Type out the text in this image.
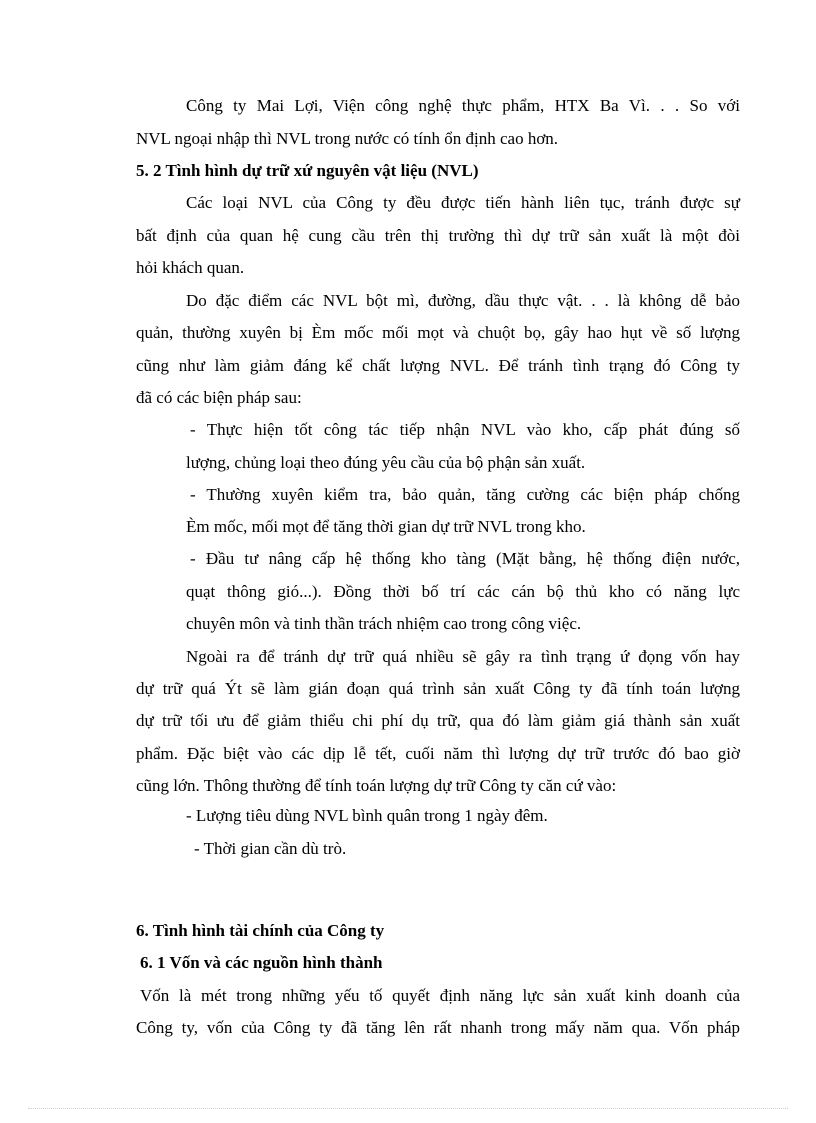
Công ty Mai Lợi, Viện công nghệ thực phẩm, HTX Ba Vì. . . So với
NVL ngoại nhập thì NVL trong nước có tính ổn định cao hơn.
5. 2 Tình hình dự trữ xứ nguyên vật liệu (NVL)
Các loại NVL của Công ty đều được tiến hành liên tục, tránh được sự
bất định của quan hệ cung cầu trên thị trường thì dự trữ sản xuất là một đòi
hỏi khách quan.
Do đặc điểm các NVL bột mì, đường, dầu thực vật. . . là không dễ bảo
quản, thường xuyên bị Èm mốc mối mọt và chuột bọ, gây hao hụt về số lượng
cũng như làm giảm đáng kể chất lượng NVL. Để tránh tình trạng đó Công ty
đã có các biện pháp sau:
- Thực hiện tốt công tác tiếp nhận NVL vào kho, cấp phát đúng số
lượng, chủng loại theo đúng yêu cầu của bộ phận sản xuất.
- Thường xuyên kiểm tra, bảo quản, tăng cường các biện pháp chống
Èm mốc, mối mọt để tăng thời gian dự trữ NVL trong kho.
- Đầu tư nâng cấp hệ thống kho tàng (Mặt bằng, hệ thống điện nước,
quạt thông gió...). Đồng thời bố trí các cán bộ thủ kho có năng lực
chuyên môn và tinh thần trách nhiệm cao trong công việc.
Ngoài ra để tránh dự trữ quá nhiều sẽ gây ra tình trạng ứ đọng vốn hay
dự trữ quá Ýt sẽ làm gián đoạn quá trình sản xuất Công ty đã tính toán lượng
dự trữ tối ưu để giảm thiểu chi phí dụ trữ, qua đó làm giảm giá thành sản xuất
phẩm. Đặc biệt vào các dịp lễ tết, cuối năm thì lượng dự trữ trước đó bao giờ
cũng lớn. Thông thường để tính toán lượng dự trữ Công ty căn cứ vào:
- Lượng tiêu dùng NVL bình quân trong 1 ngày đêm.
- Thời gian cần dù trò.
6. Tình hình tài chính của Công ty
6. 1 Vốn và các nguồn hình thành
Vốn là mét trong những yếu tố quyết định năng lực sản xuất kinh doanh của
Công ty, vốn của Công ty đã tăng lên rất nhanh trong mấy năm qua. Vốn pháp
